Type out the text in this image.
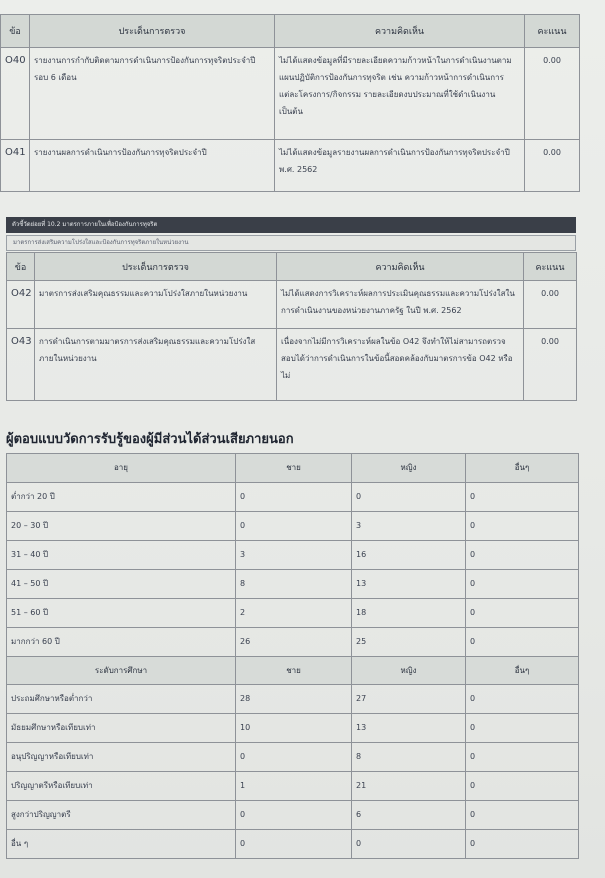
ข้อ	ประเด็นการตรวจ	ความคิดเห็น	คะแนน
O40	รายงานการกำกับติดตามการดำเนินการป้องกันการทุจริตประจำปี รอบ 6 เดือน	ไม่ได้แสดงข้อมูลที่มีรายละเอียดความก้าวหน้าในการดำเนินงานตามแผนปฏิบัติการป้องกันการทุจริต เช่น ความก้าวหน้าการดำเนินการแต่ละโครงการ/กิจกรรม รายละเอียดงบประมาณที่ใช้ดำเนินงาน เป็นต้น	0.00
O41	รายงานผลการดำเนินการป้องกันการทุจริตประจำปี	ไม่ได้แสดงข้อมูลรายงานผลการดำเนินการป้องกันการทุจริตประจำปี พ.ศ. 2562	0.00
ตัวชี้วัดย่อยที่ 10.2 มาตรการภายในเพื่อป้องกันการทุจริต
มาตรการส่งเสริมความโปร่งใสและป้องกันการทุจริตภายในหน่วยงาน
ข้อ	ประเด็นการตรวจ	ความคิดเห็น	คะแนน
O42	มาตรการส่งเสริมคุณธรรมและความโปร่งใสภายในหน่วยงาน	ไม่ได้แสดงการวิเคราะห์ผลการประเมินคุณธรรมและความโปร่งใสในการดำเนินงานของหน่วยงานภาครัฐ ในปี พ.ศ. 2562	0.00
O43	การดำเนินการตามมาตรการส่งเสริมคุณธรรมและความโปร่งใสภายในหน่วยงาน	เนื่องจากไม่มีการวิเคราะห์ผลในข้อ O42 จึงทำให้ไม่สามารถตรวจสอบได้ว่าการดำเนินการในข้อนี้สอดคล้องกับมาตรการข้อ O42 หรือไม่	0.00
ผู้ตอบแบบวัดการรับรู้ของผู้มีส่วนได้ส่วนเสียภายนอก
อายุ	ชาย	หญิง	อื่นๆ
ต่ำกว่า 20 ปี	0	0	0
20 – 30 ปี	0	3	0
31 – 40 ปี	3	16	0
41 – 50 ปี	8	13	0
51 – 60 ปี	2	18	0
มากกว่า 60 ปี	26	25	0
ระดับการศึกษา	ชาย	หญิง	อื่นๆ
ประถมศึกษาหรือต่ำกว่า	28	27	0
มัธยมศึกษาหรือเทียบเท่า	10	13	0
อนุปริญญาหรือเทียบเท่า	0	8	0
ปริญญาตรีหรือเทียบเท่า	1	21	0
สูงกว่าปริญญาตรี	0	6	0
อื่น ๆ	0	0	0
